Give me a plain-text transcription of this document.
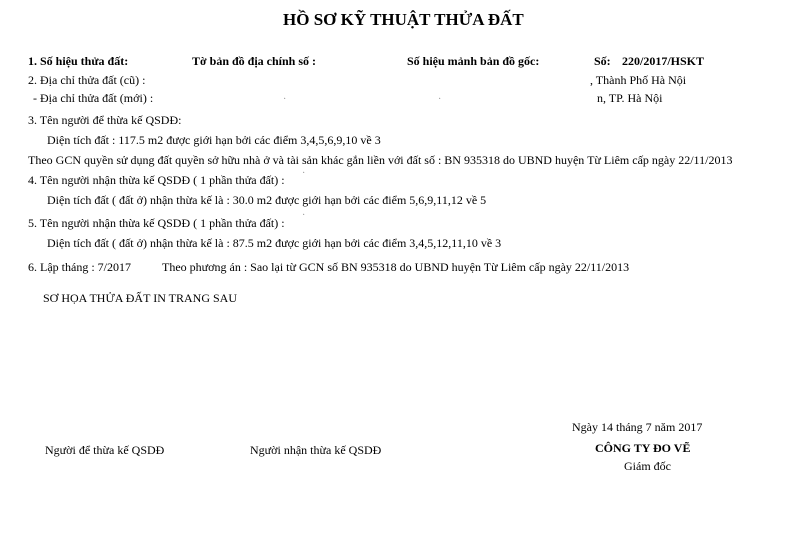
HỒ SƠ KỸ THUẬT THỬA ĐẤT
1. Số hiệu thửa đất:	Tờ bản đồ địa chính số :	Số hiệu mảnh bản đồ gốc:	Số: 220/2017/HSKT
2. Địa chỉ thửa đất (cũ) :	, Thành Phố Hà Nội
- Địa chỉ thửa đất (mới) :	·	·	n, TP. Hà Nội
3. Tên người để thừa kế QSDĐ:
Diện tích đất : 117.5 m2 được giới hạn bởi các điểm 3,4,5,6,9,10 về 3
Theo GCN quyền sử dụng đất quyền sở hữu nhà ở và tài sản khác gắn liền với đất số : BN 935318 do UBND huyện Từ Liêm cấp ngày 22/11/2013
4. Tên người nhận thừa kế QSDĐ ( 1 phần thửa đất) : ·
Diện tích đất ( đất ở) nhận thừa kế là : 30.0 m2 được giới hạn bởi các điểm 5,6,9,11,12 về 5
5. Tên người nhận thừa kế QSDĐ ( 1 phần thửa đất) :
·
Diện tích đất ( đất ở) nhận thừa kế là : 87.5 m2 được giới hạn bởi các điểm 3,4,5,12,11,10 về 3
6. Lập tháng : 7/2017	Theo phương án : Sao lại từ GCN số BN 935318 do UBND huyện Từ Liêm cấp ngày 22/11/2013
SƠ HỌA THỬA ĐẤT IN TRANG SAU
Ngày 14 tháng 7 năm 2017
CÔNG TY ĐO VẼ
Người để thừa kế QSDĐ	Người nhận thừa kế QSDĐ
Giám đốc
